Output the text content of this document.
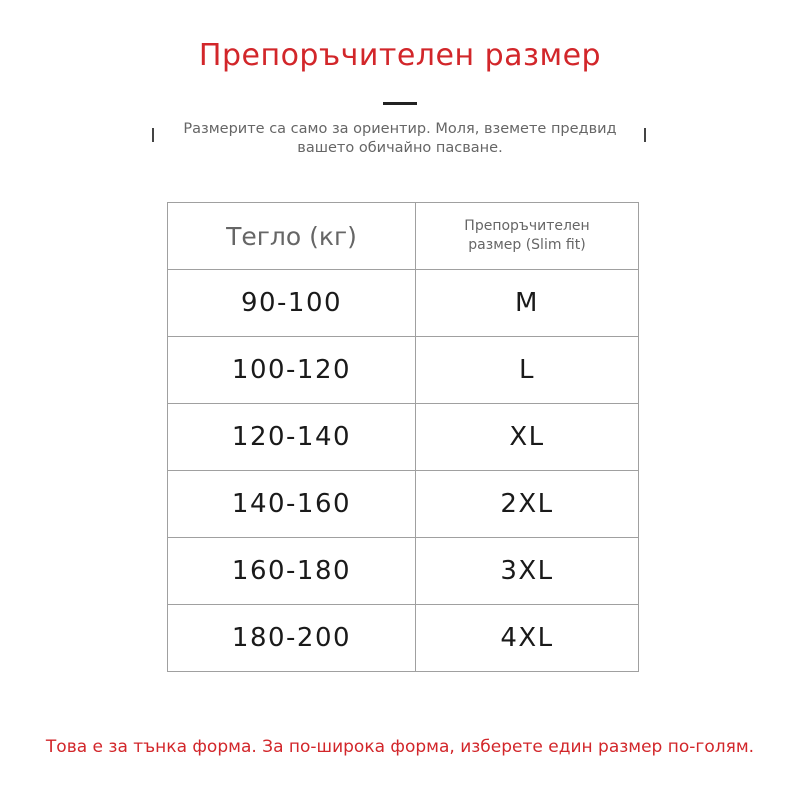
Препоръчителен размер
Размерите са само за ориентир. Моля, вземете предвид
вашето обичайно пасване.
Тегло (кг)	Препоръчителен
размер (Slim fit)

90-100	M
100-120	L
120-140	XL
140-160	2XL
160-180	3XL
180-200	4XL
Това е за тънка форма. За по-широка форма, изберете един размер по-голям.
